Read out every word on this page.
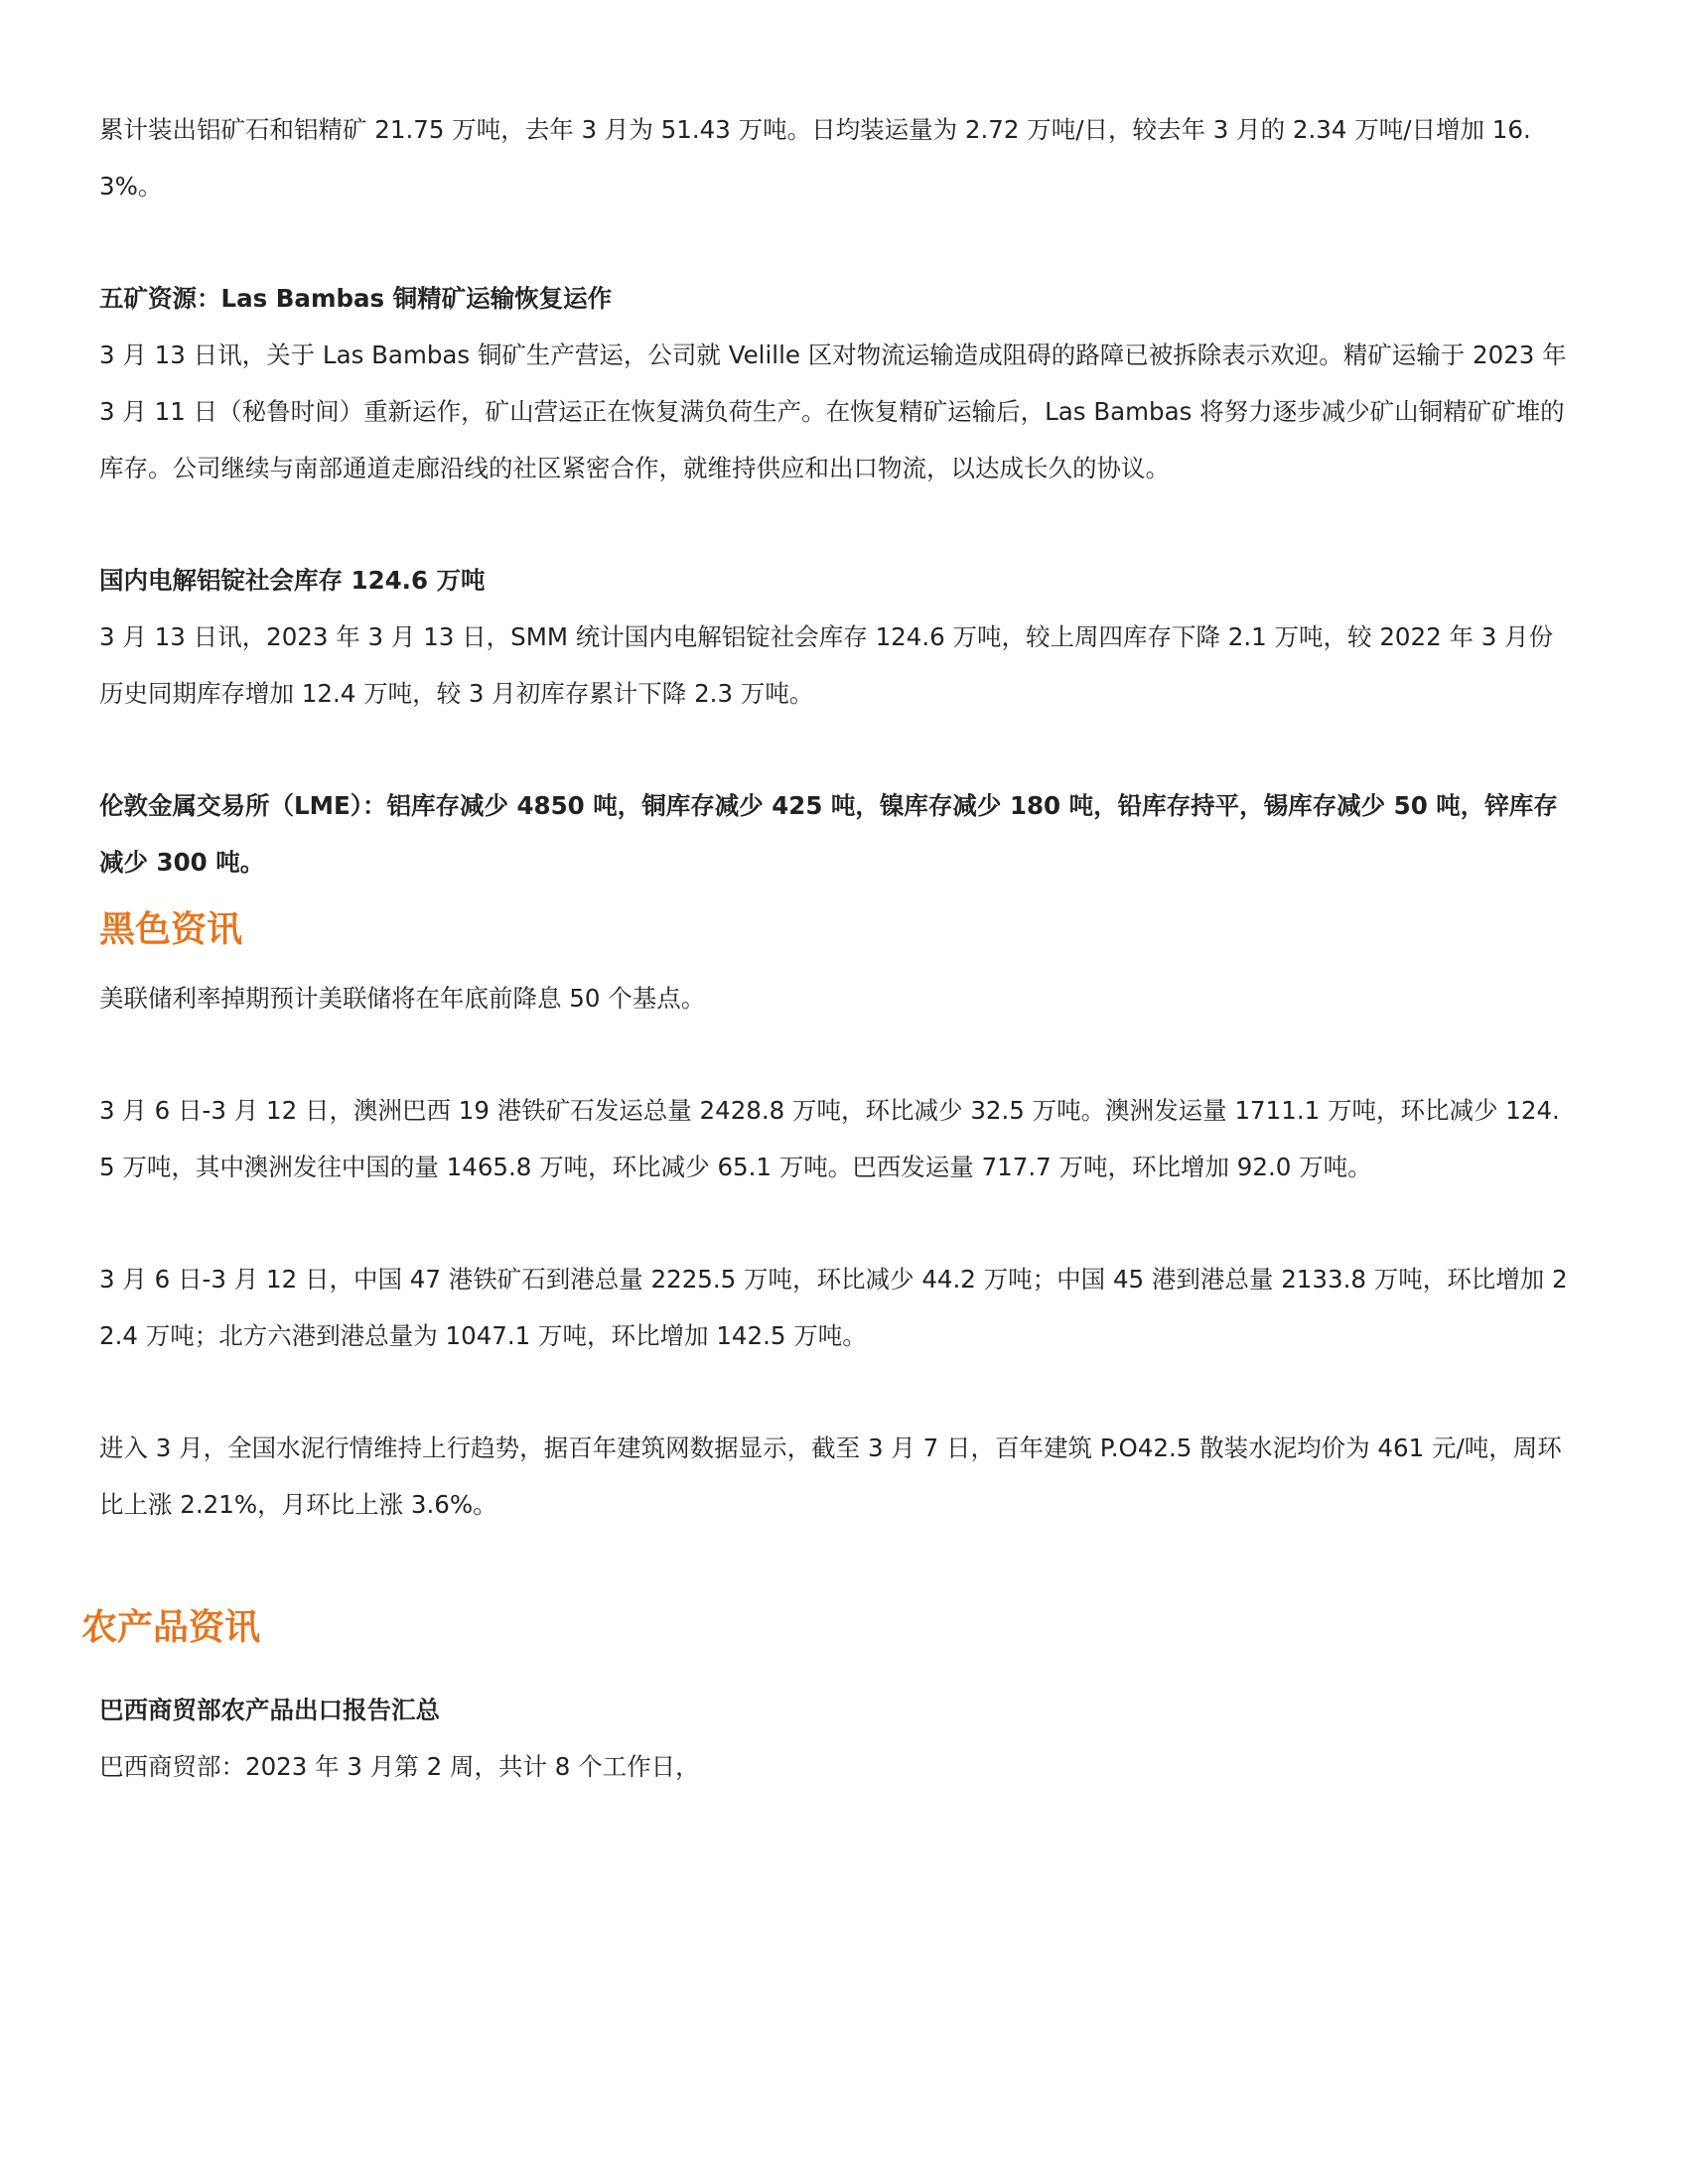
累计装出铝矿石和铝精矿 21.75 万吨，去年 3 月为 51.43 万吨。日均装运量为 2.72 万吨/日，较去年 3 月的 2.34 万吨/日增加 16.3%。

五矿资源：Las Bambas 铜精矿运输恢复运作

3 月 13 日讯，关于 Las Bambas 铜矿生产营运，公司就 Velille 区对物流运输造成阻碍的路障已被拆除表示欢迎。精矿运输于 2023 年 3 月 11 日（秘鲁时间）重新运作，矿山营运正在恢复满负荷生产。在恢复精矿运输后，Las Bambas 将努力逐步减少矿山铜精矿矿堆的库存。公司继续与南部通道走廊沿线的社区紧密合作，就维持供应和出口物流，以达成长久的协议。

国内电解铝锭社会库存 124.6 万吨

3 月 13 日讯，2023 年 3 月 13 日，SMM 统计国内电解铝锭社会库存 124.6 万吨，较上周四库存下降 2.1 万吨，较 2022 年 3 月份历史同期库存增加 12.4 万吨，较 3 月初库存累计下降 2.3 万吨。

伦敦金属交易所（LME）：铝库存减少 4850 吨，铜库存减少 425 吨，镍库存减少 180 吨，铅库存持平，锡库存减少 50 吨，锌库存减少 300 吨。

黑色资讯

美联储利率掉期预计美联储将在年底前降息 50 个基点。

3 月 6 日-3 月 12 日，澳洲巴西 19 港铁矿石发运总量 2428.8 万吨，环比减少 32.5 万吨。澳洲发运量 1711.1 万吨，环比减少 124.5 万吨，其中澳洲发往中国的量 1465.8 万吨，环比减少 65.1 万吨。巴西发运量 717.7 万吨，环比增加 92.0 万吨。

3 月 6 日-3 月 12 日，中国 47 港铁矿石到港总量 2225.5 万吨，环比减少 44.2 万吨；中国 45 港到港总量 2133.8 万吨，环比增加 22.4 万吨；北方六港到港总量为 1047.1 万吨，环比增加 142.5 万吨。

进入 3 月，全国水泥行情维持上行趋势，据百年建筑网数据显示，截至 3 月 7 日，百年建筑 P.O42.5 散装水泥均价为 461 元/吨，周环比上涨 2.21%，月环比上涨 3.6%。

农产品资讯

巴西商贸部农产品出口报告汇总

巴西商贸部：2023 年 3 月第 2 周，共计 8 个工作日，
